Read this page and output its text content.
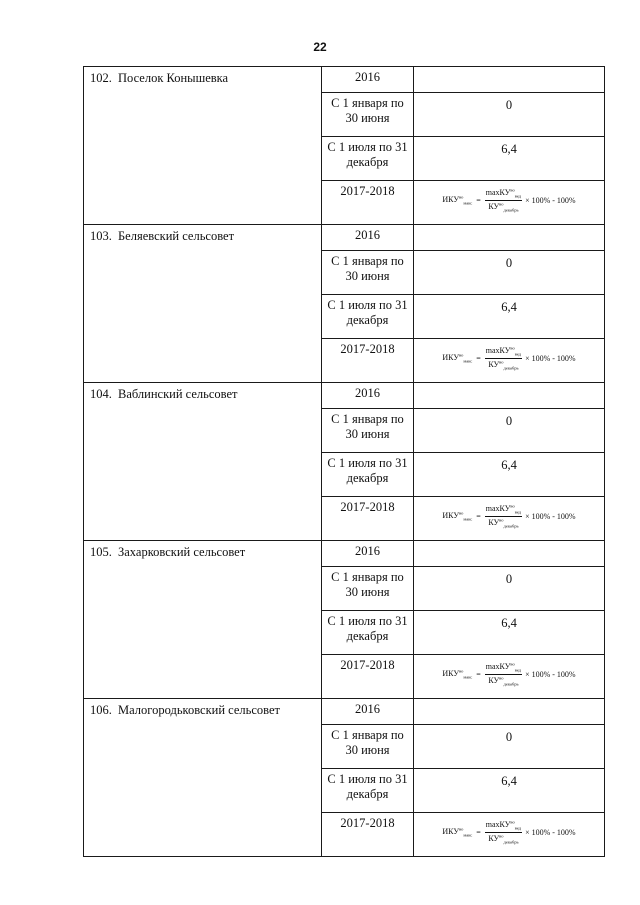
22
102. Поселок Конышевка	2016	
	С 1 января по 30 июня	0
	С 1 июля по 31 декабря	6,4
	2017-2018	$ИКУ^{во}_{макс} = \frac{\max КУ^{во}_{вед}}{КУ^{во}_{декабрь}} \times 100\% - 100\%$

103. Беляевский сельсовет	2016	
	С 1 января по 30 июня	0
	С 1 июля по 31 декабря	6,4
	2017-2018	$ИКУ^{во}_{макс} = \frac{\max КУ^{во}_{вед}}{КУ^{во}_{декабрь}} \times 100\% - 100\%$

104. Ваблинский сельсовет	2016	
	С 1 января по 30 июня	0
	С 1 июля по 31 декабря	6,4
	2017-2018	$ИКУ^{во}_{макс} = \frac{\max КУ^{во}_{вед}}{КУ^{во}_{декабрь}} \times 100\% - 100\%$

105. Захарковский сельсовет	2016	
	С 1 января по 30 июня	0
	С 1 июля по 31 декабря	6,4
	2017-2018	$ИКУ^{во}_{макс} = \frac{\max КУ^{во}_{вед}}{КУ^{во}_{декабрь}} \times 100\% - 100\%$

106. Малогородьковский сельсовет	2016	
	С 1 января по 30 июня	0
	С 1 июля по 31 декабря	6,4
	2017-2018	$ИКУ^{во}_{макс} = \frac{\max КУ^{во}_{вед}}{КУ^{во}_{декабрь}} \times 100\% - 100\%$
